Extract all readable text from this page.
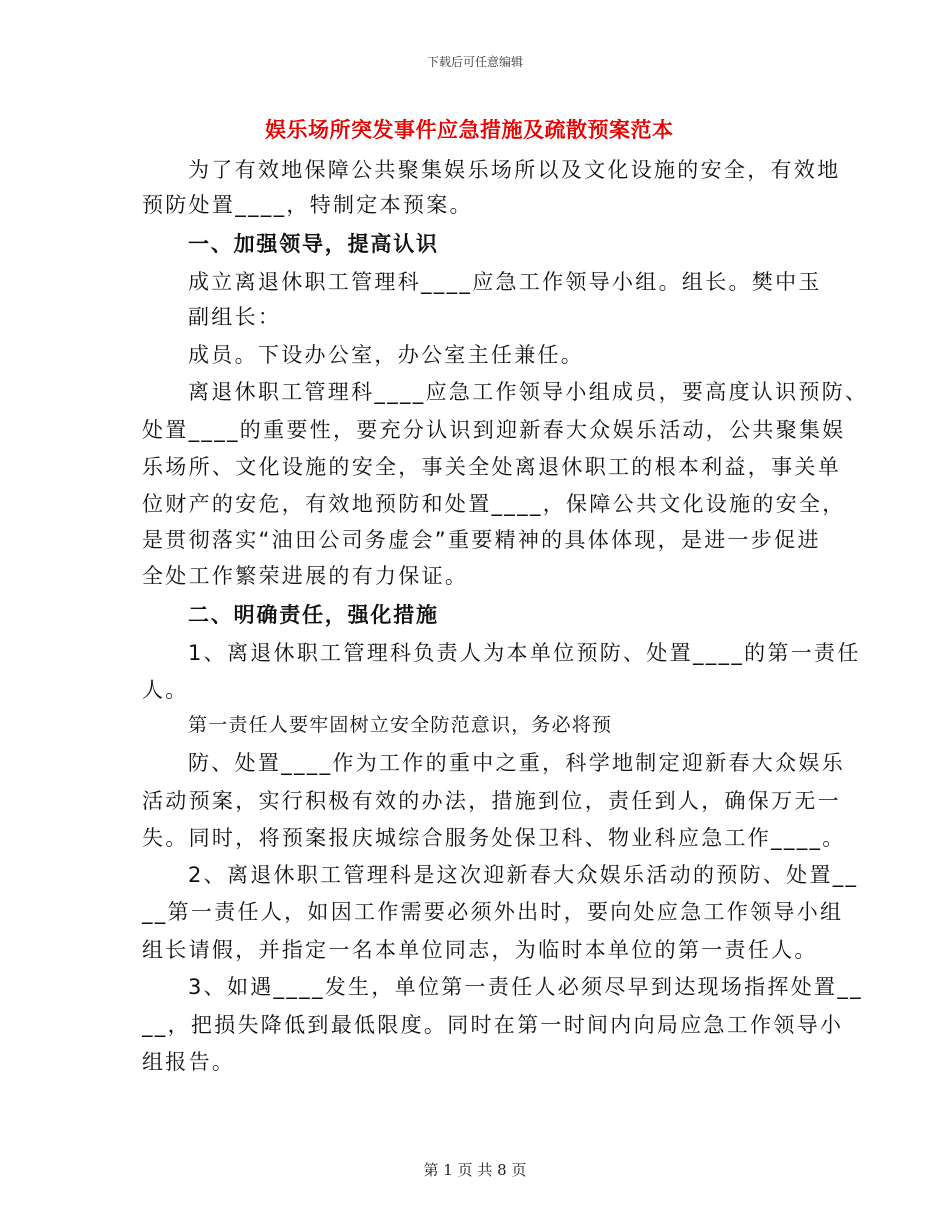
下载后可任意编辑
娱乐场所突发事件应急措施及疏散预案范本
为了有效地保障公共聚集娱乐场所以及文化设施的安全，有效地
预防处置____，特制定本预案。
一、加强领导，提高认识
成立离退休职工管理科____应急工作领导小组。组长。樊中玉
副组长：
成员。下设办公室，办公室主任兼任。
离退休职工管理科____应急工作领导小组成员，要高度认识预防、
处置____的重要性，要充分认识到迎新春大众娱乐活动，公共聚集娱
乐场所、文化设施的安全，事关全处离退休职工的根本利益，事关单
位财产的安危，有效地预防和处置____，保障公共文化设施的安全，
是贯彻落实“油田公司务虚会”重要精神的具体体现，是进一步促进
全处工作繁荣进展的有力保证。
二、明确责任，强化措施
1、离退休职工管理科负责人为本单位预防、处置____的第一责任
人。
第一责任人要牢固树立安全防范意识，务必将预
防、处置____作为工作的重中之重，科学地制定迎新春大众娱乐
活动预案，实行积极有效的办法，措施到位，责任到人，确保万无一
失。同时，将预案报庆城综合服务处保卫科、物业科应急工作____。
2、离退休职工管理科是这次迎新春大众娱乐活动的预防、处置__
__第一责任人，如因工作需要必须外出时，要向处应急工作领导小组
组长请假，并指定一名本单位同志，为临时本单位的第一责任人。
3、如遇____发生，单位第一责任人必须尽早到达现场指挥处置__
__，把损失降低到最低限度。同时在第一时间内向局应急工作领导小
组报告。
第 1 页 共 8 页
